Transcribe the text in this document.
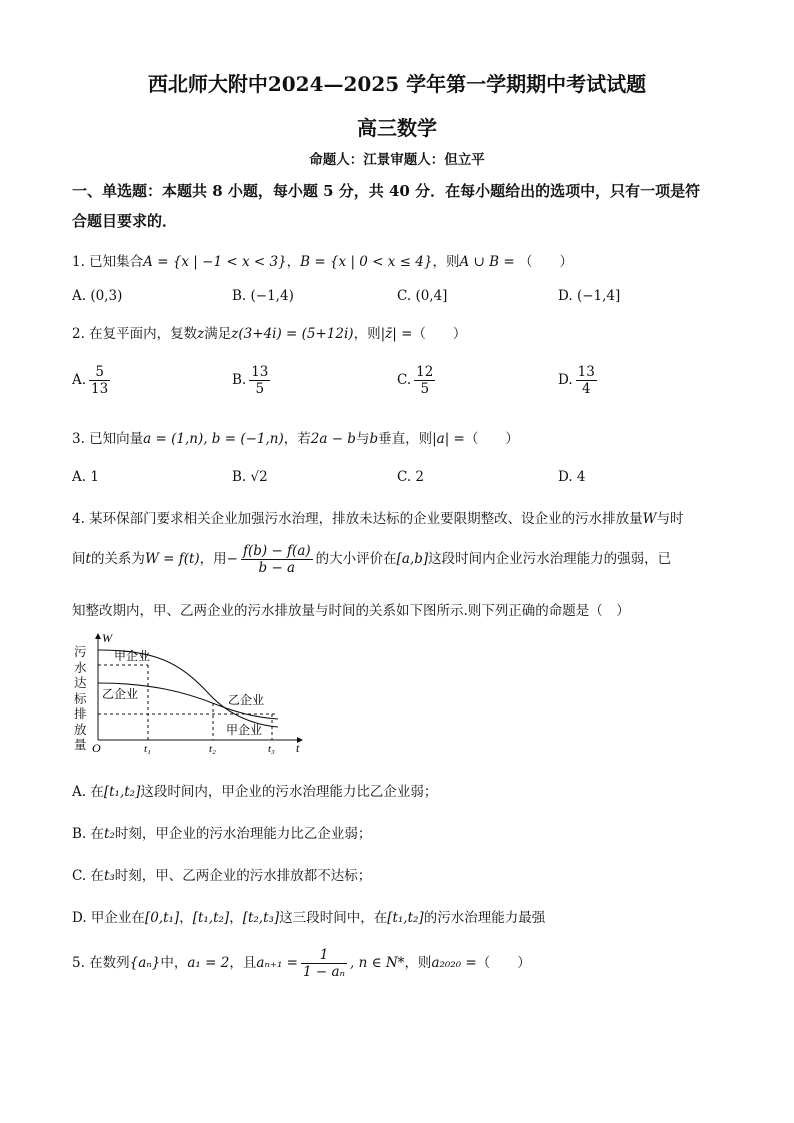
西北师大附中2024—2025 学年第一学期期中考试试题
高三数学
命题人：江景审题人：但立平
一、单选题：本题共 8 小题，每小题 5 分，共 40 分．在每小题给出的选项中，只有一项是符
合题目要求的．
1. 已知集合A = {x | −1 < x < 3}，B = {x | 0 < x ≤ 4}，则A ∪ B = （　　）
A. (0,3)	B. (−1,4)	C. (0,4]	D. (−1,4]
2. 在复平面内，复数z满足z(3+4i) = (5+12i)，则|z̄| =（　　）
A. $\frac{5}{13}$	B. $\frac{13}{5}$	C. $\frac{12}{5}$	D. $\frac{13}{4}$
3. 已知向量a = (1,n), b = (−1,n)，若2a − b与b垂直，则|a| =（　　）
A. 1	B. √2	C. 2	D. 4
4. 某环保部门要求相关企业加强污水治理，排放未达标的企业要限期整改、设企业的污水排放量W与时
间t的关系为W = f(t)，用− $\frac{f(b) - f(a)}{b - a}$ 的大小评价在[a,b]这段时间内企业污水治理能力的强弱，已
知整改期内，甲、乙两企业的污水排放量与时间的关系如下图所示.则下列正确的命题是（　）
甲企业
乙企业	乙企业
甲企业
W
t
O	t₁	t₂	t₃
污水达标排放量
A. 在[t₁,t₂]这段时间内，甲企业的污水治理能力比乙企业弱；
B. 在t₂时刻，甲企业的污水治理能力比乙企业弱；
C. 在t₃时刻，甲、乙两企业的污水排放都不达标；
D. 甲企业在[0,t₁]，[t₁,t₂]，[t₂,t₃]这三段时间中，在[t₁,t₂]的污水治理能力最强
5. 在数列{aₙ}中，a₁ = 2，且$a_{n+1} = \frac{1}{\text{1 − aₙ}}$ , n ∈ N*，则a₂₀₂₀ =（　　）
